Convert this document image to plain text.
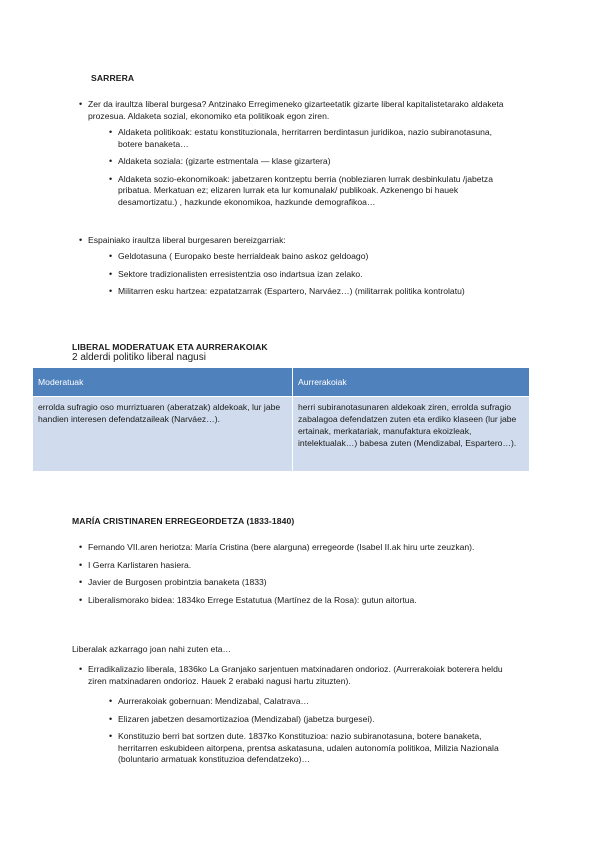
SARRERA
• Zer da iraultza liberal burgesa? Antzinako Erregimeneko gizarteetatik gizarte liberal kapitalistetarako aldaketa prozesua. Aldaketa sozial, ekonomiko eta politikoak egon ziren.
• Aldaketa politikoak: estatu konstituzionala, herritarren berdintasun juridikoa, nazio subiranotasuna, botere banaketa…
• Aldaketa soziala: (gizarte estmentala — klase gizartera)
• Aldaketa sozio-ekonomikoak: jabetzaren kontzeptu berria (nobleziaren lurrak desbinkulatu /jabetza pribatua. Merkatuan ez; elizaren lurrak eta lur komunalak/ publikoak. Azkenengo bi hauek desamortizatu.) , hazkunde ekonomikoa, hazkunde demografikoa…
• Espainiako iraultza liberal burgesaren bereizgarriak:
• Geldotasuna ( Europako beste herrialdeak baino askoz geldoago)
• Sektore tradizionalisten erresistentzia oso indartsua izan zelako.
• Militarren esku hartzea: ezpatatzarrak (Espartero, Narváez…) (militarrak politika kontrolatu)
LIBERAL MODERATUAK ETA AURRERAKOIAK
2 alderdi politiko liberal nagusi
Moderatuak	Aurrerakoiak
errolda sufragio oso murriztuaren (aberatzak) aldekoak, lur jabe handien interesen defendatzaileak (Narváez…).	herri subiranotasunaren aldekoak ziren, errolda sufragio zabalagoa defendatzen zuten eta erdiko klaseen (lur jabe ertainak, merkatariak, manufaktura ekoizleak, intelektualak…) babesa zuten (Mendizabal, Espartero…).
MARÍA CRISTINAREN ERREGEORDETZA (1833-1840)
• Fernando VII.aren heriotza: María Cristina (bere alarguna) erregeorde (Isabel II.ak hiru urte zeuzkan).
• I Gerra Karlistaren hasiera.
• Javier de Burgosen probintzia banaketa (1833)
• Liberalismorako bidea: 1834ko Errege Estatutua (Martínez de la Rosa): gutun aitortua.
Liberalak azkarrago joan nahi zuten eta…
• Erradikalizazio liberala, 1836ko La Granjako sarjentuen matxinadaren ondorioz. (Aurrerakoiak boterera heldu ziren matxinadaren ondorioz. Hauek 2 erabaki nagusi hartu zituzten).
• Aurrerakoiak gobernuan: Mendizabal, Calatrava…
• Elizaren jabetzen desamortizazioa (Mendizabal) (jabetza burgesei).
• Konstituzio berri bat sortzen dute. 1837ko Konstituzioa: nazio subiranotasuna, botere banaketa, herritarren eskubideen aitorpena, prentsa askatasuna, udalen autonomía politikoa, Milizia Nazionala (boluntario armatuak konstituzioa defendatzeko)…
